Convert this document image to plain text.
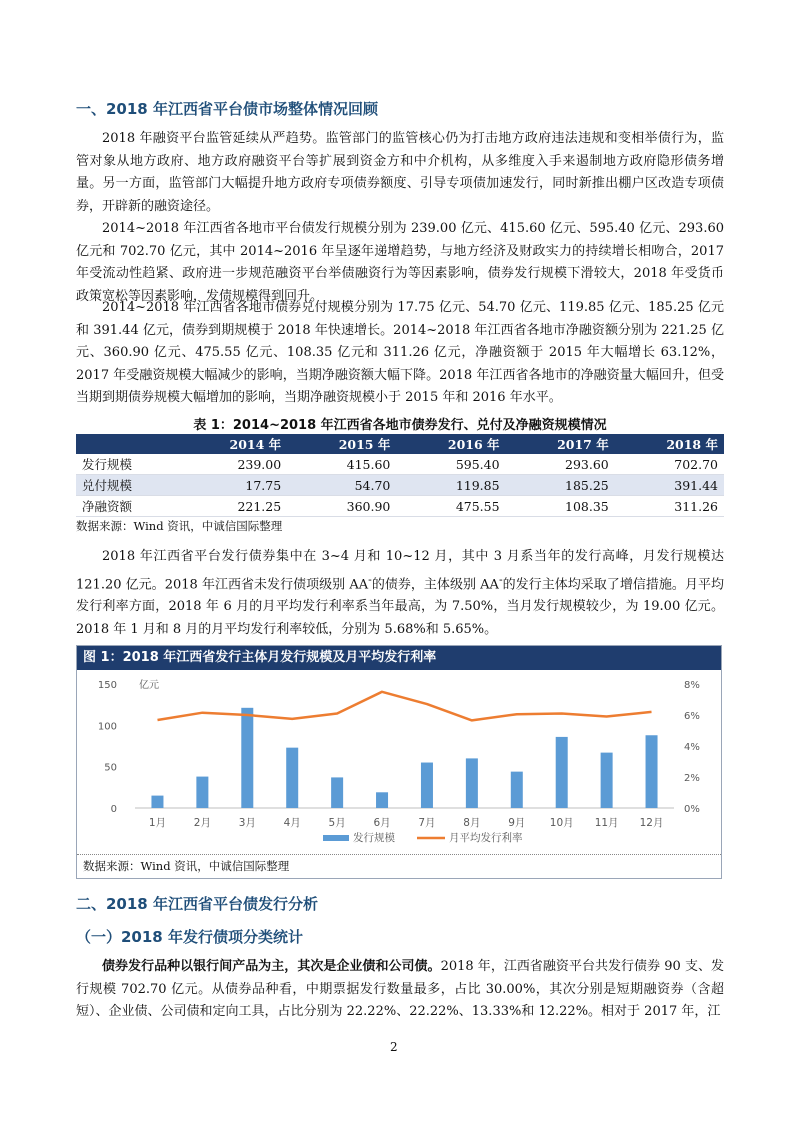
一、2018 年江西省平台债市场整体情况回顾

2018 年融资平台监管延续从严趋势。监管部门的监管核心仍为打击地方政府违法违规和变相举债行为，监管对象从地方政府、地方政府融资平台等扩展到资金方和中介机构，从多维度入手来遏制地方政府隐形债务增量。另一方面，监管部门大幅提升地方政府专项债券额度、引导专项债加速发行，同时新推出棚户区改造专项债券，开辟新的融资途径。

2014~2018 年江西省各地市平台债发行规模分别为 239.00 亿元、415.60 亿元、595.40 亿元、293.60 亿元和 702.70 亿元，其中 2014~2016 年呈逐年递增趋势，与地方经济及财政实力的持续增长相吻合，2017 年受流动性趋紧、政府进一步规范融资平台举债融资行为等因素影响，债券发行规模下滑较大，2018 年受货币政策宽松等因素影响，发债规模得到回升。

2014~2018 年江西省各地市债券兑付规模分别为 17.75 亿元、54.70 亿元、119.85 亿元、185.25 亿元和 391.44 亿元，债券到期规模于 2018 年快速增长。2014~2018 年江西省各地市净融资额分别为 221.25 亿元、360.90 亿元、475.55 亿元、108.35 亿元和 311.26 亿元，净融资额于 2015 年大幅增长 63.12%，2017 年受融资规模大幅减少的影响，当期净融资额大幅下降。2018 年江西省各地市的净融资量大幅回升，但受当期到期债券规模大幅增加的影响，当期净融资规模小于 2015 年和 2016 年水平。

表 1：2014~2018 年江西省各地市债券发行、兑付及净融资规模情况
	2014 年	2015 年	2016 年	2017 年	2018 年
发行规模	239.00	415.60	595.40	293.60	702.70
兑付规模	17.75	54.70	119.85	185.25	391.44
净融资额	221.25	360.90	475.55	108.35	311.26
数据来源：Wind 资讯，中诚信国际整理

2018 年江西省平台发行债券集中在 3~4 月和 10~12 月，其中 3 月系当年的发行高峰，月发行规模达 121.20 亿元。2018 年江西省未发行债项级别 AA-的债券，主体级别 AA-的发行主体均采取了增信措施。月平均发行利率方面，2018 年 6 月的月平均发行利率系当年最高，为 7.50%，当月发行规模较少，为 19.00 亿元。2018 年 1 月和 8 月的月平均发行利率较低，分别为 5.68%和 5.65%。

图 1：2018 年江西省发行主体月发行规模及月平均发行利率
150
100
50
0
亿元	8%
6%
4%
2%
0%
1月	2月	3月	4月	5月	6月	7月	8月	9月 10月 11月 12月
发行规模	月平均发行利率
数据来源：Wind 资讯，中诚信国际整理
二、2018 年江西省平台债发行分析
（一）2018 年发行债项分类统计

债券发行品种以银行间产品为主，其次是企业债和公司债。2018 年，江西省融资平台共发行债券 90 支、发行规模 702.70 亿元。从债券品种看，中期票据发行数量最多，占比 30.00%，其次分别是短期融资券（含超短）、企业债、公司债和定向工具，占比分别为 22.22%、22.22%、13.33%和 12.22%。相对于 2017 年，江

2
